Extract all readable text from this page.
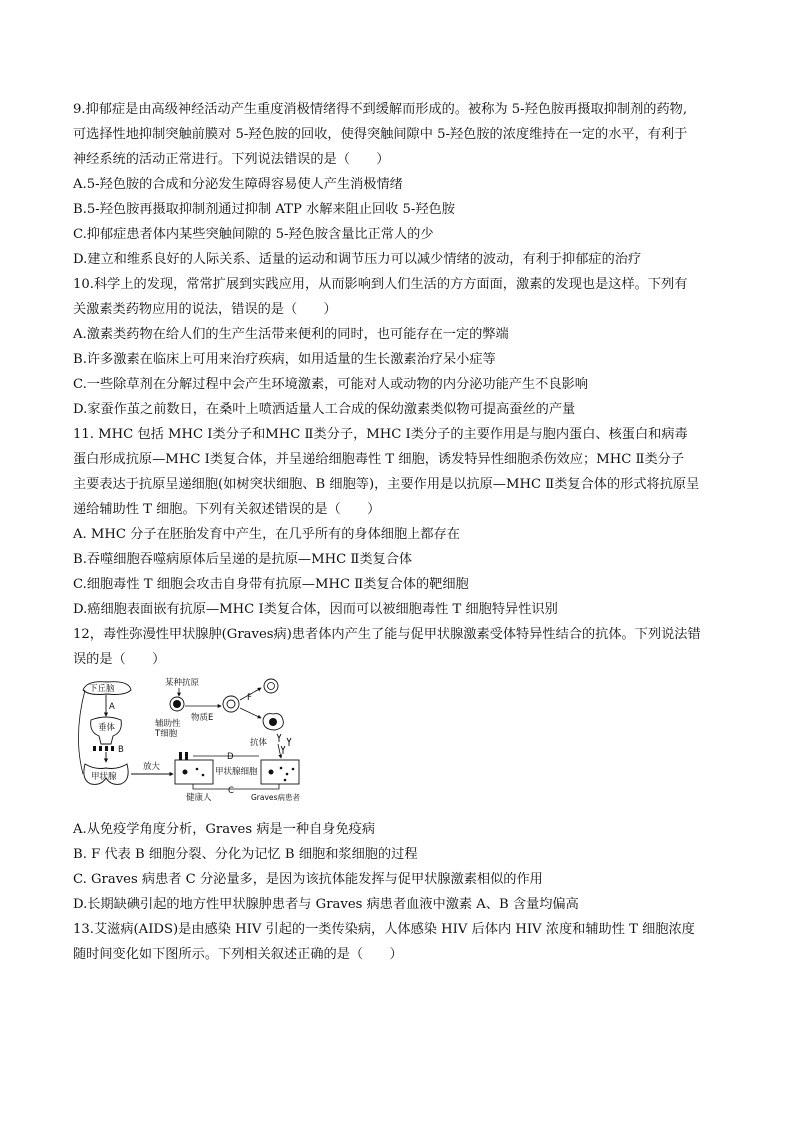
9.抑郁症是由高级神经活动产生重度消极情绪得不到缓解而形成的。被称为 5-羟色胺再摄取抑制剂的药物,
可选择性地抑制突触前膜对 5-羟色胺的回收，使得突触间隙中 5-羟色胺的浓度维持在一定的水平，有利于
神经系统的活动正常进行。下列说法错误的是（　　）
A.5-羟色胺的合成和分泌发生障碍容易使人产生消极情绪
B.5-羟色胺再摄取抑制剂通过抑制 ATP 水解来阻止回收 5-羟色胺
C.抑郁症患者体内某些突触间隙的 5-羟色胺含量比正常人的少
D.建立和维系良好的人际关系、适量的运动和调节压力可以减少情绪的波动，有利于抑郁症的治疗
10.科学上的发现，常常扩展到实践应用，从而影响到人们生活的方方面面，激素的发现也是这样。下列有
关激素类药物应用的说法，错误的是（　　）
A.激素类药物在给人们的生产生活带来便利的同时，也可能存在一定的弊端
B.许多激素在临床上可用来治疗疾病，如用适量的生长激素治疗呆小症等
C.一些除草剂在分解过程中会产生环境激素，可能对人或动物的内分泌功能产生不良影响
D.家蚕作茧之前数日，在桑叶上喷洒适量人工合成的保幼激素类似物可提高蚕丝的产量
11. MHC 包括 MHC Ⅰ类分子和MHC Ⅱ类分子，MHC Ⅰ类分子的主要作用是与胞内蛋白、核蛋白和病毒
蛋白形成抗原—MHC Ⅰ类复合体，并呈递给细胞毒性 T 细胞，诱发特异性细胞杀伤效应；MHC Ⅱ类分子
主要表达于抗原呈递细胞(如树突状细胞、B 细胞等)，主要作用是以抗原—MHC Ⅱ类复合体的形式将抗原呈
递给辅助性 T 细胞。下列有关叙述错误的是（　　）
A. MHC 分子在胚胎发育中产生，在几乎所有的身体细胞上都存在
B.吞噬细胞吞噬病原体后呈递的是抗原—MHC Ⅱ类复合体
C.细胞毒性 T 细胞会攻击自身带有抗原—MHC Ⅱ类复合体的靶细胞
D.癌细胞表面嵌有抗原—MHC Ⅰ类复合体，因而可以被细胞毒性 T 细胞特异性识别
12，毒性弥漫性甲状腺肿(Graves病)患者体内产生了能与促甲状腺激素受体特异性结合的抗体。下列说法错
误的是（　　）
下丘脑
A
垂体
B
甲状腺
放大
健康人
甲状腺细胞
Graves病患者
D
C
某种抗原
辅助性
T细胞
物质E
F
抗体
A.从免疫学角度分析，Graves 病是一种自身免疫病
B. F 代表 B 细胞分裂、分化为记忆 B 细胞和浆细胞的过程
C. Graves 病患者 C 分泌量多，是因为该抗体能发挥与促甲状腺激素相似的作用
D.长期缺碘引起的地方性甲状腺肿患者与 Graves 病患者血液中激素 A、B 含量均偏高
13.艾滋病(AIDS)是由感染 HIV 引起的一类传染病，人体感染 HIV 后体内 HIV 浓度和辅助性 T 细胞浓度
随时间变化如下图所示。下列相关叙述正确的是（　　）
